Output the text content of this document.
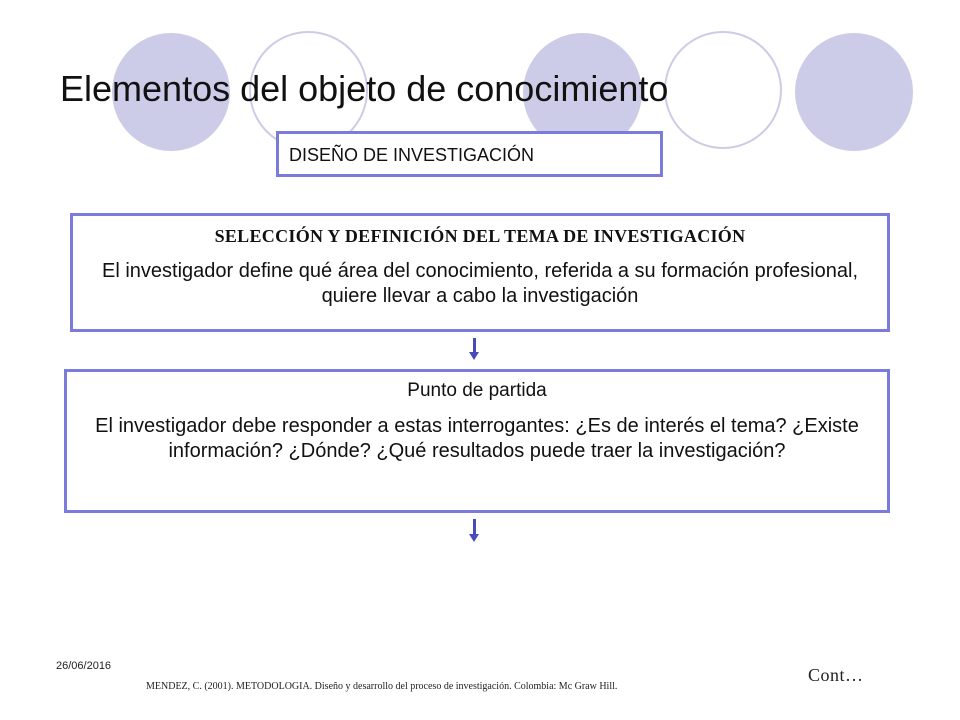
Elementos del objeto de conocimiento
DISEÑO DE INVESTIGACIÓN
SELECCIÓN Y DEFINICIÓN DEL TEMA DE INVESTIGACIÓN
El investigador define qué área del conocimiento, referida a su formación profesional, quiere llevar a cabo la investigación
Punto de partida
El investigador debe responder a estas interrogantes: ¿Es de interés el tema? ¿Existe información? ¿Dónde? ¿Qué resultados puede traer la investigación?
26/06/2016
MENDEZ, C. (2001). METODOLOGIA. Diseño y desarrollo del proceso de investigación. Colombia: Mc Graw Hill.
Cont…
